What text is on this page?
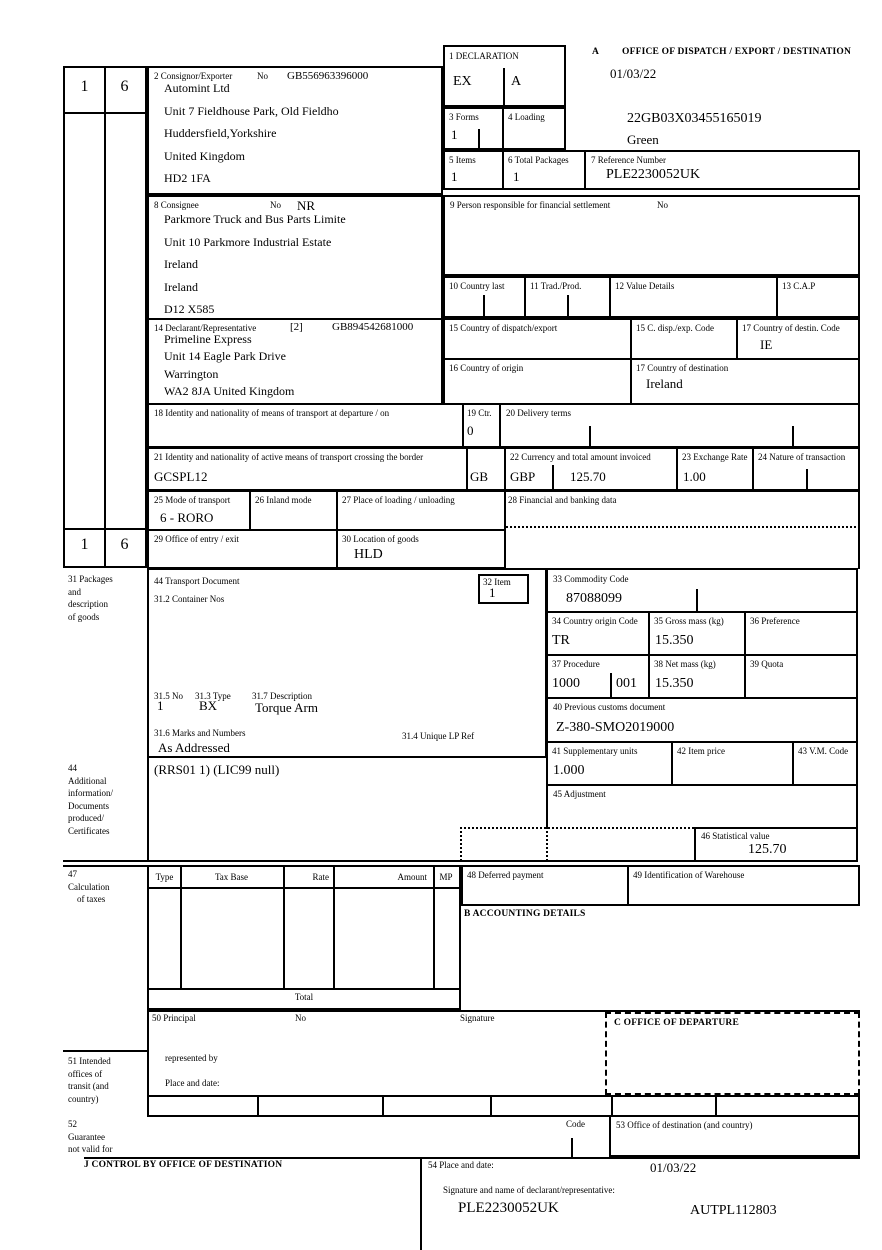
1	6
1	6
2 Consignor/Exporter	No GB556963396000
Automint Ltd
Unit 7 Fieldhouse Park, Old Fieldho
Huddersfield,Yorkshire
United Kingdom
HD2 1FA
1 DECLARATION
EX	A
3 Forms
1
4 Loading
A OFFICE OF DISPATCH / EXPORT / DESTINATION
01/03/22
22GB03X03455165019
Green
5 Items
1
6 Total Packages
1
7 Reference Number
PLE2230052UK
8 Consignee	No NR
Parkmore Truck and Bus Parts Limite
Unit 10 Parkmore Industrial Estate
Ireland
Ireland
D12 X585
9 Person responsible for financial settlement	No
10 Country last	11 Trad./Prod.	12 Value Details	13 C.A.P
14 Declarant/Representative	[2]	GB894542681000
Primeline Express
Unit 14 Eagle Park Drive
Warrington
WA2 8JA United Kingdom
15 Country of dispatch/export	15 C. disp./exp. Code	17 Country of destin. Code
IE
16 Country of origin	17 Country of destination
Ireland
18 Identity and nationality of means of transport at departure / on	19 Ctr.
0
20 Delivery terms
21 Identity and nationality of active means of transport crossing the border
GCSPL12	GB
22 Currency and total amount invoiced
GBP	125.70
23 Exchange Rate
1.00
24 Nature of transaction
25 Mode of transport
6 - RORO
26 Inland mode	27 Place of loading / unloading	28 Financial and banking data
29 Office of entry / exit	30 Location of goods
HLD
31 Packages
and
description
of goods
44
Additional
information/
Documents
produced/
Certificates
44 Transport Document
31.2 Container Nos
31.5 No
1
31.3 Type
BX
31.7 Description
Torque Arm
31.6 Marks and Numbers
As Addressed
31.4 Unique LP Ref
32 Item
1
(RRS01 1) (LIC99 null)
33 Commodity Code
87088099
34 Country origin Code
TR
35 Gross mass (kg)
15.350
36 Preference
37 Procedure
1000	001
38 Net mass (kg)
15.350
39 Quota
40 Previous customs document
Z-380-SMO2019000
41 Supplementary units
1.000
42 Item price	43 V.M. Code
45 Adjustment
46 Statistical value
125.70
47
Calculation
of taxes
Type	Tax Base	Rate	Amount	MP
Total
48 Deferred payment	49 Identification of Warehouse
B ACCOUNTING DETAILS
50 Principal	No	Signature
represented by
Place and date:
51 Intended
offices of
transit (and
country)
C OFFICE OF DEPARTURE
52
Guarantee
not valid for
Code	53 Office of destination (and country)
J CONTROL BY OFFICE OF DESTINATION	54 Place and date:	01/03/22
Signature and name of declarant/representative:
PLE2230052UK	AUTPL112803
